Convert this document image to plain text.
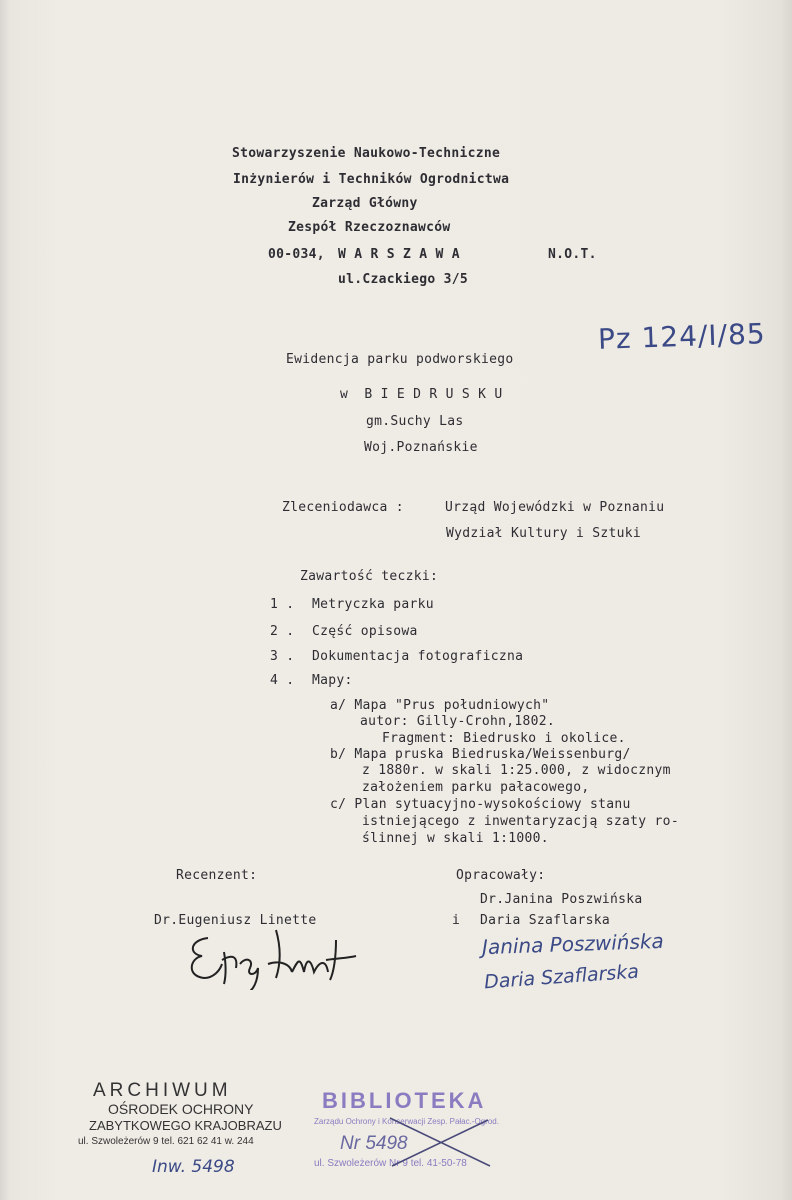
Stowarzyszenie Naukowo-Techniczne
Inżynierów i Techników Ogrodnictwa
Zarząd Główny
Zespół Rzeczoznawców
00-034, W A R S Z A W A	N.O.T.
ul.Czackiego 3/5
Pz 124/I/85
Ewidencja parku podworskiego
w  B I E D R U S K U
gm.Suchy Las
Woj.Poznańskie
Zleceniodawca :	Urząd Wojewódzki w Poznaniu
Wydział Kultury i Sztuki
Zawartość teczki:
1 . Metryczka parku
2 . Część opisowa
3 . Dokumentacja fotograficzna
4 . Mapy:
a/ Mapa "Prus południowych"
autor: Gilly-Crohn,1802.
Fragment: Biedrusko i okolice.
b/ Mapa pruska Biedruska/Weissenburg/
z 1880r. w skali 1:25.000, z widocznym
założeniem parku pałacowego,
c/ Plan sytuacyjno-wysokościowy stanu
istniejącego z inwentaryzacją szaty ro-
ślinnej w skali 1:1000.
Recenzent:	Opracowały:
Dr.Janina Poszwińska
Dr.Eugeniusz Linette	i Daria Szaflarska
Janina Poszwińska
Daria Szaflarska
ARCHIWUM
OŚRODEK OCHRONY
ZABYTKOWEGO KRAJOBRAZU
ul. Szwoleżerów 9 tel. 621 62 41 w. 244
Inw. 5498
BIBLIOTEKA
Zarządu Ochrony i Konserwacji Zesp. Pałac.-Ogrod.
Nr 5498
ul. Szwoleżerów Nr 9 tel. 41-50-78
